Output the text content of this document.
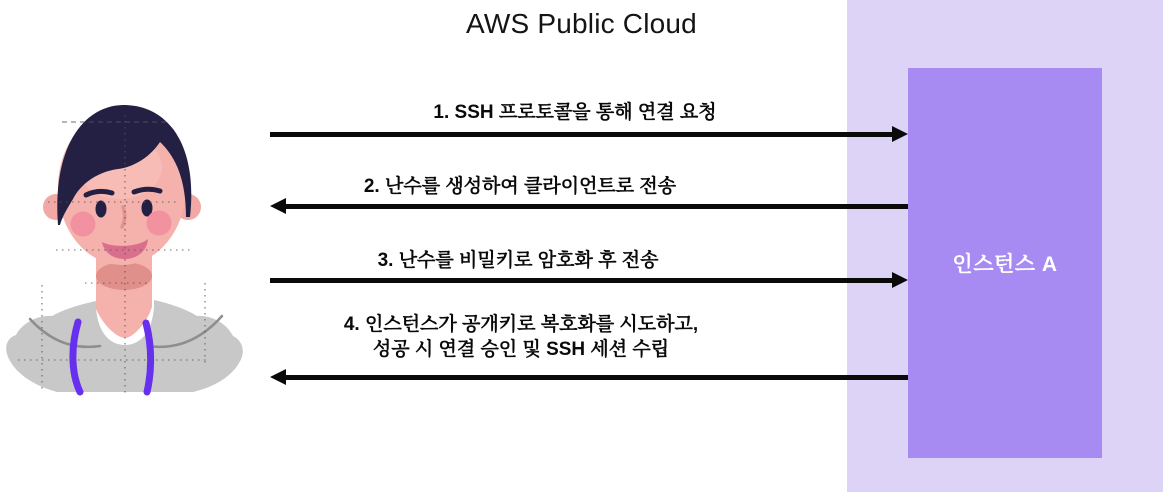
AWS Public Cloud
인스턴스 A
1. SSH 프로토콜을 통해 연결 요청
2. 난수를 생성하여 클라이언트로 전송
3. 난수를 비밀키로 암호화 후 전송
4. 인스턴스가 공개키로 복호화를 시도하고,
성공 시 연결 승인 및 SSH 세션 수립
